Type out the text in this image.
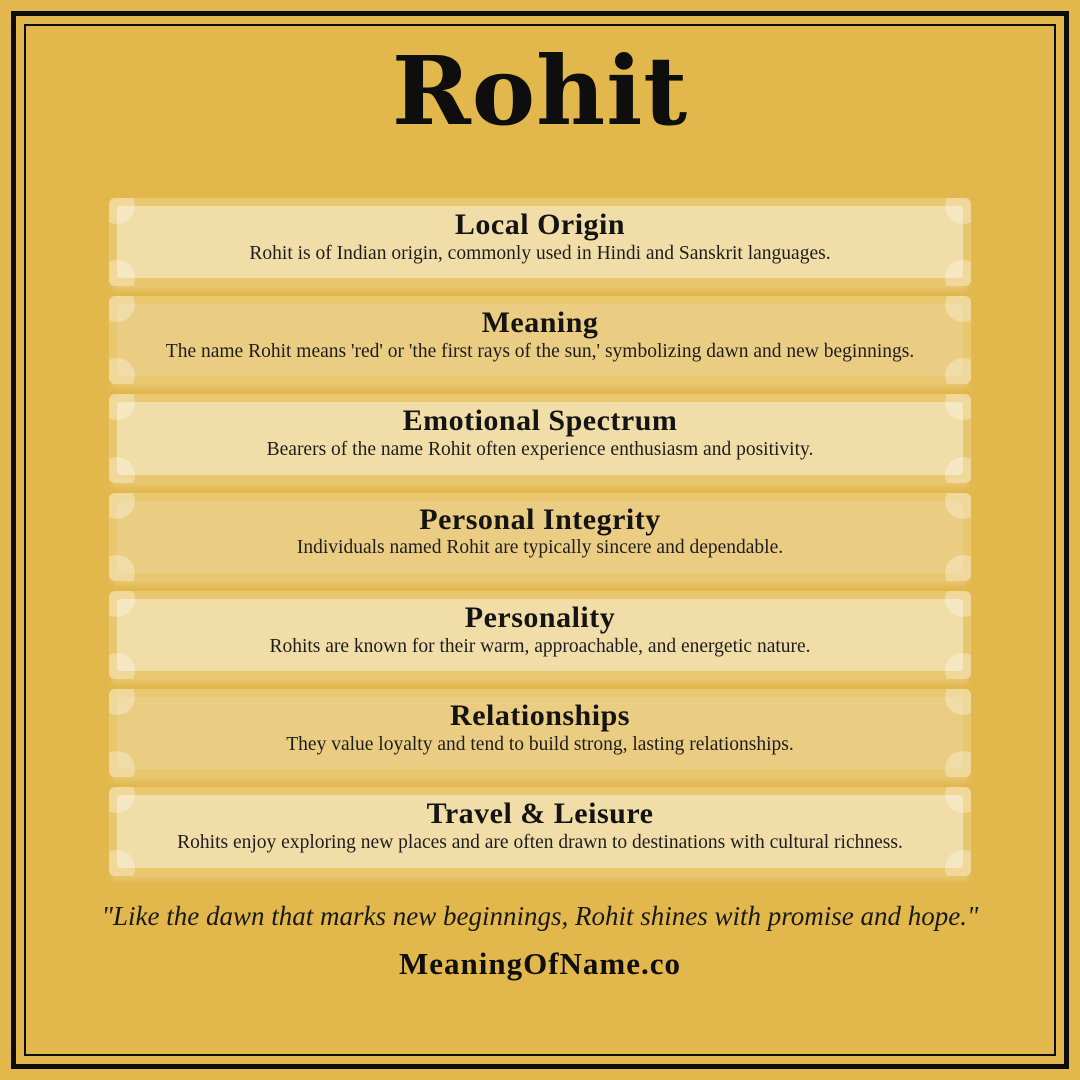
Rohit
Local Origin
Rohit is of Indian origin, commonly used in Hindi and Sanskrit languages.
Meaning
The name Rohit means 'red' or 'the first rays of the sun,' symbolizing dawn and new beginnings.
Emotional Spectrum
Bearers of the name Rohit often experience enthusiasm and positivity.
Personal Integrity
Individuals named Rohit are typically sincere and dependable.
Personality
Rohits are known for their warm, approachable, and energetic nature.
Relationships
They value loyalty and tend to build strong, lasting relationships.
Travel & Leisure
Rohits enjoy exploring new places and are often drawn to destinations with cultural richness.
"Like the dawn that marks new beginnings, Rohit shines with promise and hope."
MeaningOfName.co
